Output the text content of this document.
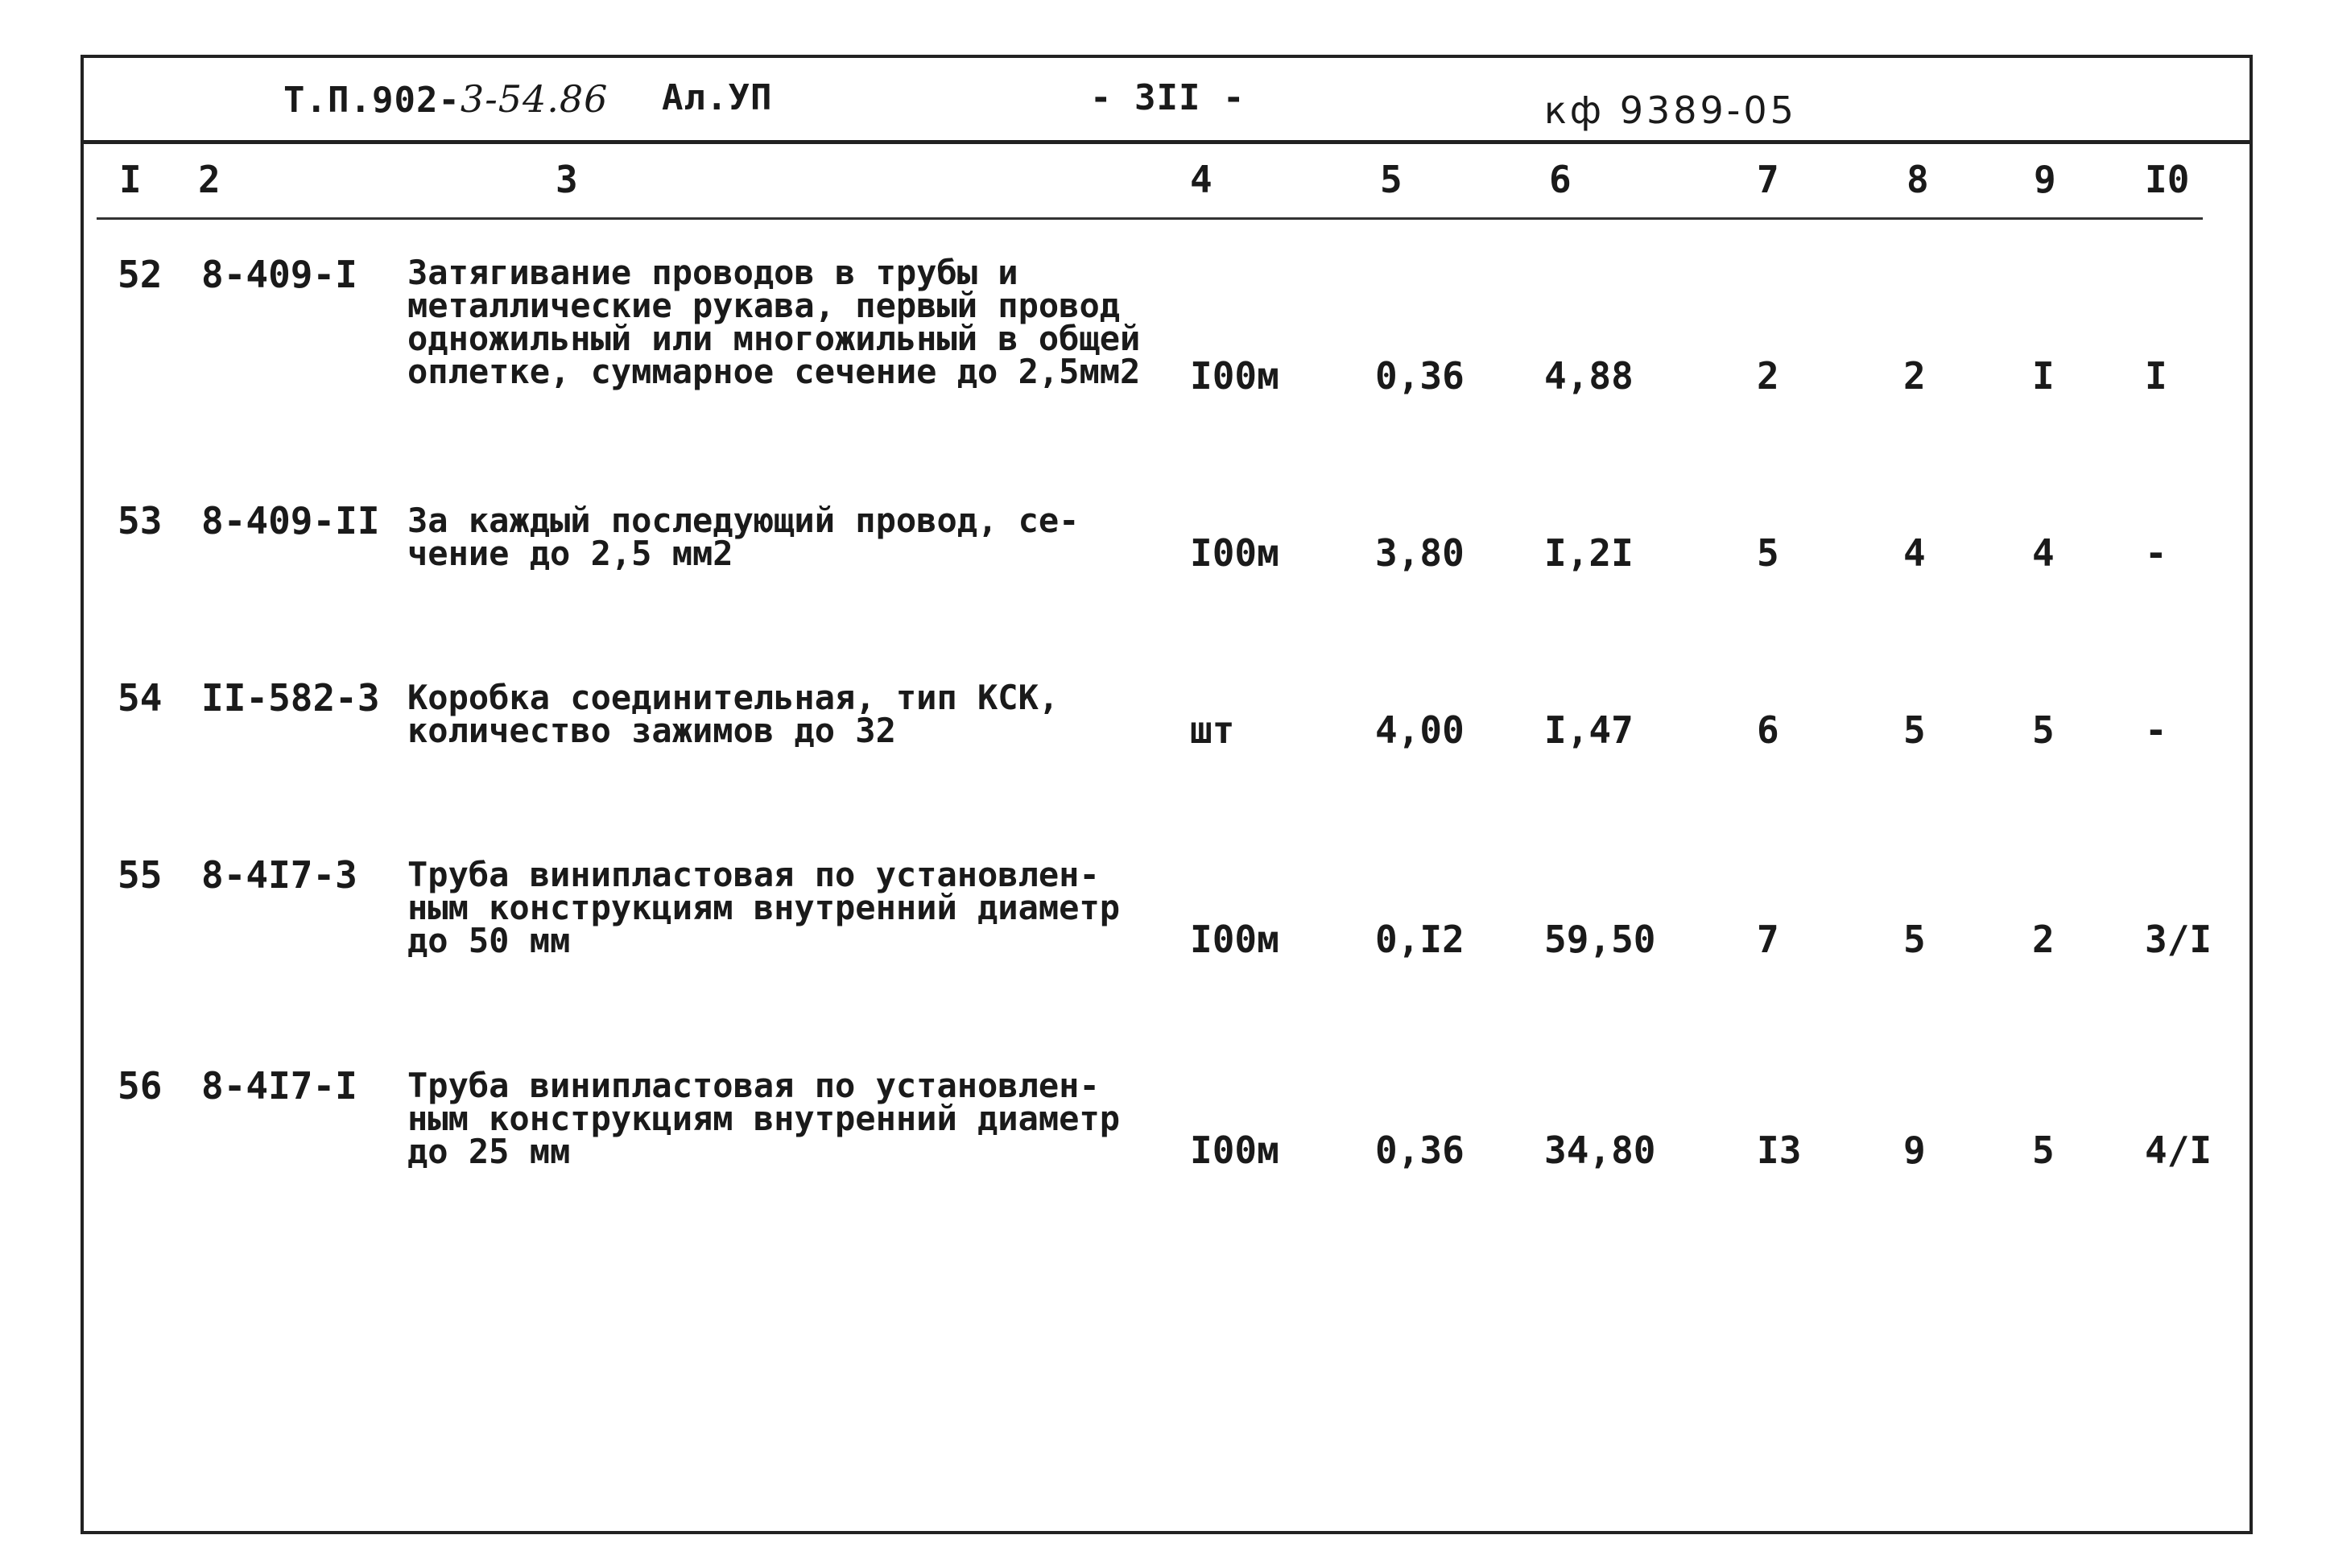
Т.П.902-3-54.86 Ал.УП	- 3II -	кф 9389-05
I 2	3	4	5	6	7	8	9 I0
52 8-409-I Затягивание проводов в трубы и
металлические рукава, первый провод
одножильный или многожильный в общей
оплетке, суммарное сечение до 2,5мм2	I00м	0,36 4,88	2	2	I I
53 8-409-II За каждый последующий провод, се-
чение до 2,5 мм2	I00м	3,80 I,2I	5	4	4 -
54 II-582-3 Коробка соединительная, тип КСК,
количество зажимов до 32	шт	4,00 I,47	6	5	5 -
55 8-4I7-3 Труба винипластовая по установлен-
ным конструкциям внутренний диаметр
до 50 мм	I00м	0,I2 59,50	7	5	2 3/I
56 8-4I7-I Труба винипластовая по установлен-
ным конструкциям внутренний диаметр
до 25 мм	I00м	0,36 34,80	I3	9	5 4/I
